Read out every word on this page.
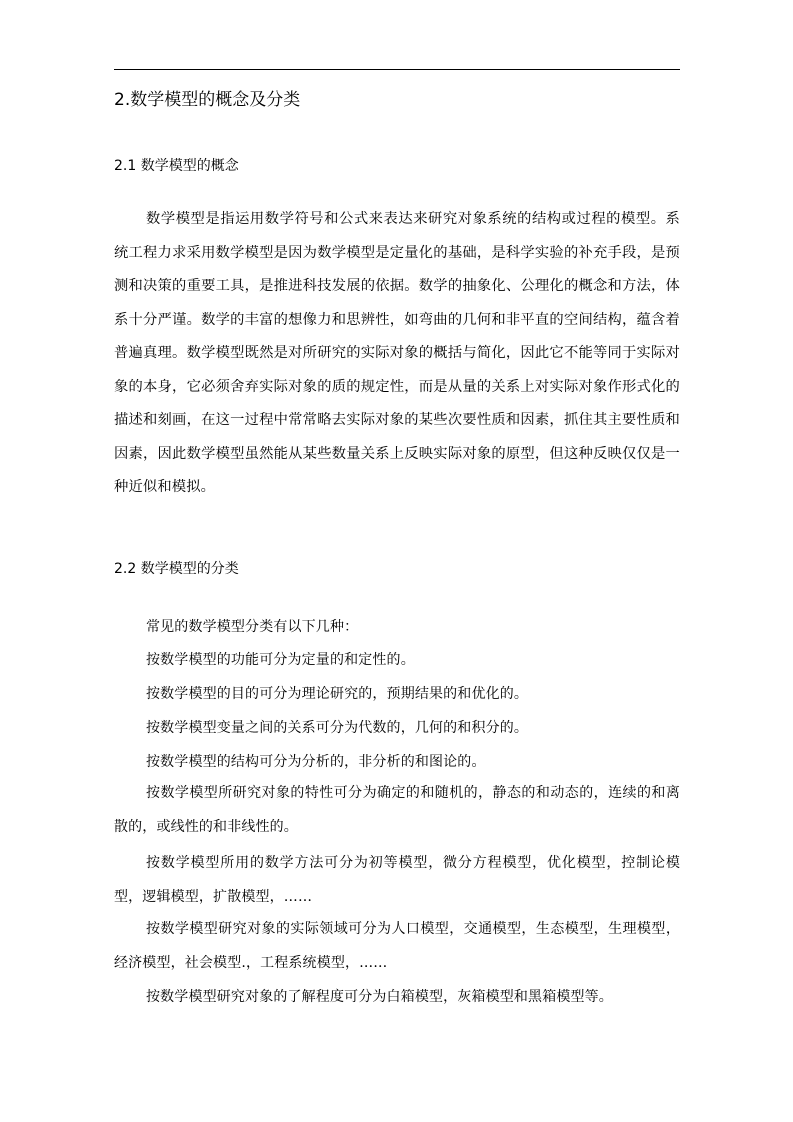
2.数学模型的概念及分类
2.1 数学模型的概念

数学模型是指运用数学符号和公式来表达来研究对象系统的结构或过程的模型。系统工程力求采用数学模型是因为数学模型是定量化的基础，是科学实验的补充手段，是预测和决策的重要工具，是推进科技发展的依据。数学的抽象化、公理化的概念和方法，体系十分严谨。数学的丰富的想像力和思辨性，如弯曲的几何和非平直的空间结构，蕴含着普遍真理。数学模型既然是对所研究的实际对象的概括与简化，因此它不能等同于实际对象的本身，它必须舍弃实际对象的质的规定性，而是从量的关系上对实际对象作形式化的描述和刻画，在这一过程中常常略去实际对象的某些次要性质和因素，抓住其主要性质和因素，因此数学模型虽然能从某些数量关系上反映实际对象的原型，但这种反映仅仅是一种近似和模拟。

2.2 数学模型的分类

常见的数学模型分类有以下几种：

按数学模型的功能可分为定量的和定性的。

按数学模型的目的可分为理论研究的，预期结果的和优化的。

按数学模型变量之间的关系可分为代数的，几何的和积分的。

按数学模型的结构可分为分析的，非分析的和图论的。

按数学模型所研究对象的特性可分为确定的和随机的，静态的和动态的，连续的和离散的，或线性的和非线性的。

按数学模型所用的数学方法可分为初等模型，微分方程模型，优化模型，控制论模型，逻辑模型，扩散模型，……

按数学模型研究对象的实际领域可分为人口模型，交通模型，生态模型，生理模型，经济模型，社会模型.，工程系统模型，……

按数学模型研究对象的了解程度可分为白箱模型，灰箱模型和黑箱模型等。
